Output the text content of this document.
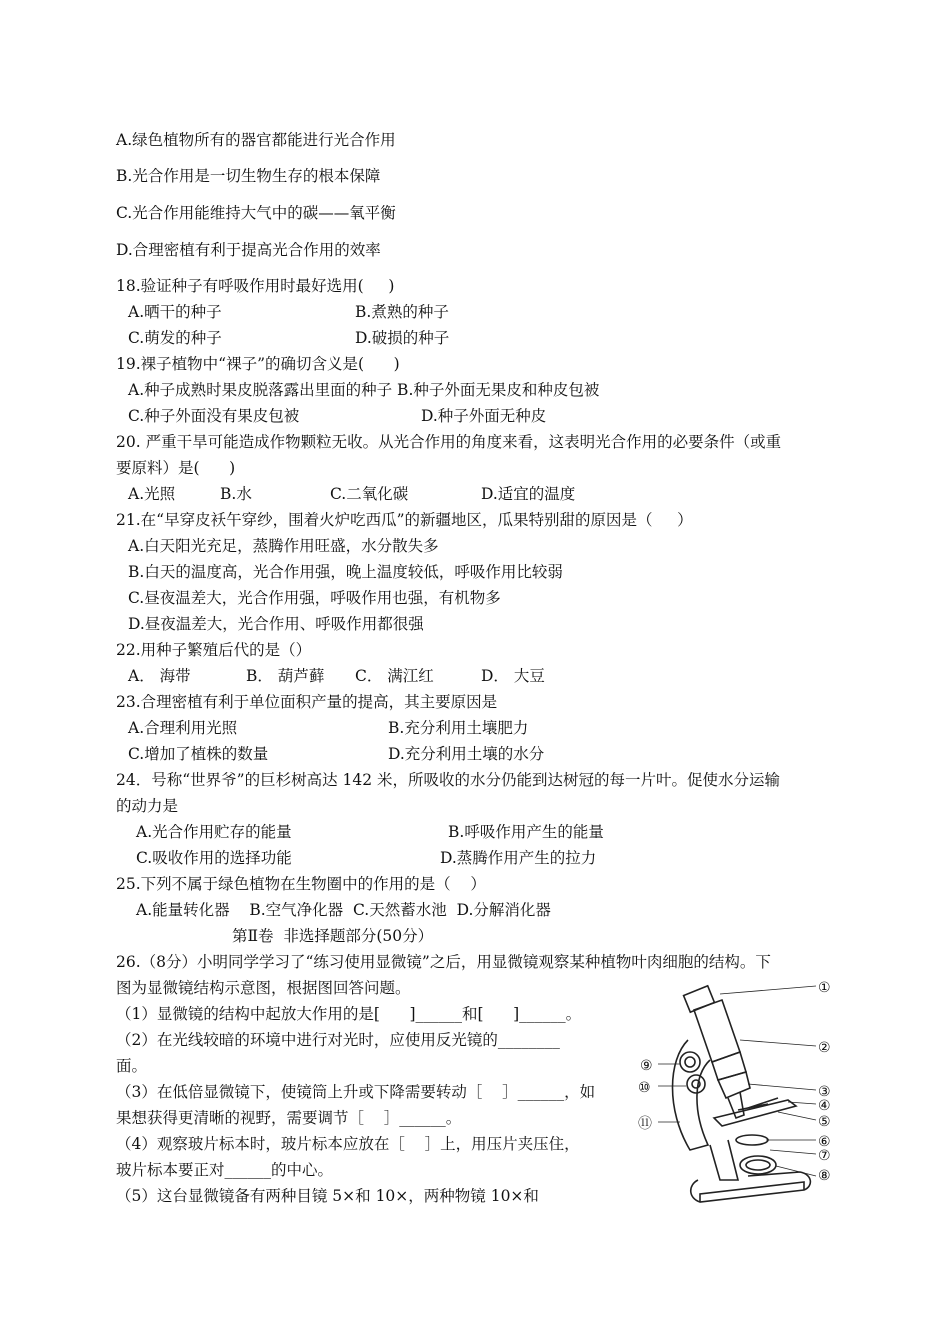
A.绿色植物所有的器官都能进行光合作用
B.光合作用是一切生物生存的根本保障
C.光合作用能维持大气中的碳——氧平衡
D.合理密植有利于提高光合作用的效率
18.验证种子有呼吸作用时最好选用(     )
A.晒干的种子	B.煮熟的种子
C.萌发的种子	D.破损的种子
19.裸子植物中“裸子”的确切含义是(      )
A.种子成熟时果皮脱落露出里面的种子 B.种子外面无果皮和种皮包被
C.种子外面没有果皮包被	D.种子外面无种皮
20. 严重干旱可能造成作物颗粒无收。从光合作用的角度来看，这表明光合作用的必要条件（或重
要原料）是(      )
A.光照	B.水	C.二氧化碳	D.适宜的温度
21.在“早穿皮袄午穿纱，围着火炉吃西瓜”的新疆地区，瓜果特别甜的原因是（     ）
A.白天阳光充足，蒸腾作用旺盛，水分散失多
B.白天的温度高，光合作用强，晚上温度较低，呼吸作用比较弱
C.昼夜温差大，光合作用强，呼吸作用也强，有机物多
D.昼夜温差大，光合作用、呼吸作用都很强
22.用种子繁殖后代的是（）
A． 海带	B． 葫芦藓 C． 满江红	D． 大豆
23.合理密植有利于单位面积产量的提高，其主要原因是
A.合理利用光照	B.充分利用土壤肥力
C.增加了植株的数量	D.充分利用土壤的水分
24．号称“世界爷”的巨杉树高达 142 米，所吸收的水分仍能到达树冠的每一片叶。促使水分运输
的动力是
A.光合作用贮存的能量	B.呼吸作用产生的能量
C.吸收作用的选择功能	D.蒸腾作用产生的拉力
25.下列不属于绿色植物在生物圈中的作用的是（    ）
A.能量转化器    B.空气净化器  C.天然蓄水池  D.分解消化器
第Ⅱ卷  非选择题部分(50分）
26.（8分）小明同学学习了“练习使用显微镜”之后，用显微镜观察某种植物叶肉细胞的结构。下
图为显微镜结构示意图，根据图回答问题。
（1）显微镜的结构中起放大作用的是[      ]______和[      ]______。
（2）在光线较暗的环境中进行对光时，应使用反光镜的________
面。
（3）在低倍显微镜下，使镜筒上升或下降需要转动［    ］______，如
果想获得更清晰的视野，需要调节［    ］______。
（4）观察玻片标本时，玻片标本应放在［    ］上，用压片夹压住，
玻片标本要正对______的中心。
（5）这台显微镜备有两种目镜 5×和 10×，两种物镜 10×和
①
②
③
④
⑤
⑥
⑦
⑧
⑨
⑩
⑪
